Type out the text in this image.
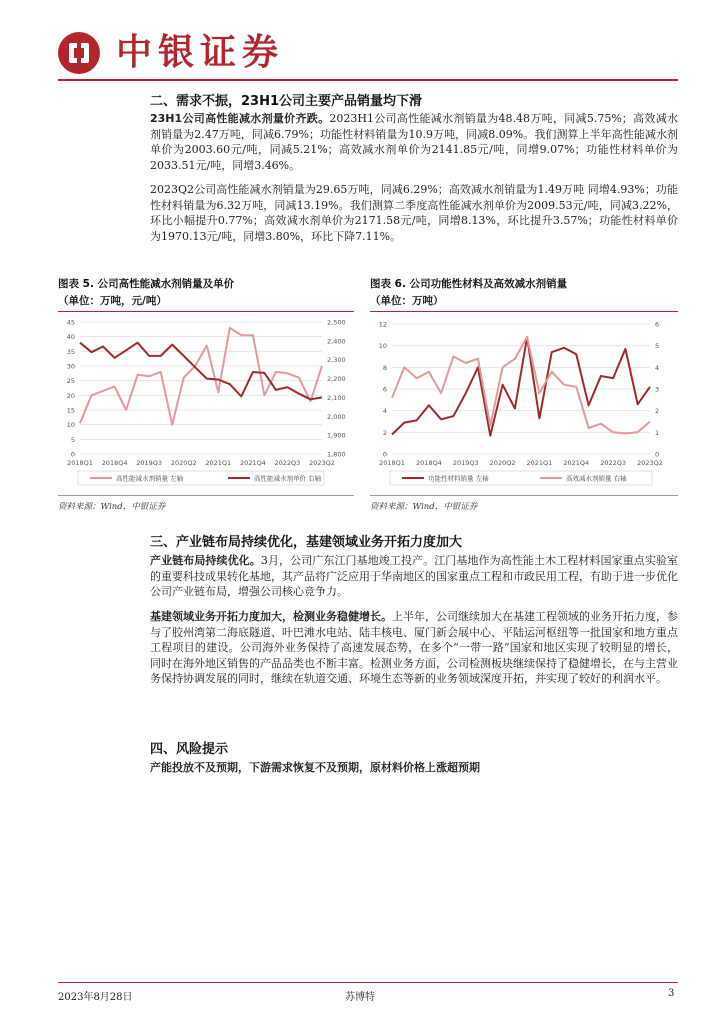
中银证券
二、需求不振，23H1公司主要产品销量均下滑
23H1公司高性能减水剂量价齐跌。2023H1公司高性能减水剂销量为48.48万吨，同减5.75%；高效减水剂销量为2.47万吨，同减6.79%；功能性材料销量为10.9万吨，同减8.09%。我们测算上半年高性能减水剂单价为2003.60元/吨，同减5.21%；高效减水剂单价为2141.85元/吨，同增9.07%；功能性材料单价为2033.51元/吨，同增3.46%。
2023Q2公司高性能减水剂销量为29.65万吨，同减6.29%；高效减水剂销量为1.49万吨 同增4.93%；功能性材料销量为6.32万吨，同减13.19%。我们测算二季度高性能减水剂单价为2009.53元/吨，同减3.22%，环比小幅提升0.77%；高效减水剂单价为2171.58元/吨，同增8.13%，环比提升3.57%；功能性材料单价为1970.13元/吨，同增3.80%，环比下降7.11%。
图表 5. 公司高性能减水剂销量及单价
（单位：万吨，元/吨）
0
5
10
15
20
25
30
35
40
45
1,800
1,900
2,000
2,100
2,200
2,300
2,400
2,500
2018Q1 2018Q4 2019Q3 2020Q2 2021Q1 2021Q4 2022Q3 2023Q2
高性能减水剂销量 左轴	高性能减水剂单价 右轴
资料来源：Wind，中银证券
图表 6. 公司功能性材料及高效减水剂销量
（单位：万吨）
0
2
4
6
8
10
12
0
1
2
3
4
5
6
2018Q1 2018Q4 2019Q3 2020Q2 2021Q1 2021Q4 2022Q3 2023Q2
功能性材料销量 左轴	高效减水剂销量 右轴
资料来源：Wind，中银证券
三、产业链布局持续优化，基建领域业务开拓力度加大
产业链布局持续优化。3月，公司广东江门基地竣工投产。江门基地作为高性能土木工程材料国家重点实验室的重要科技成果转化基地，其产品将广泛应用于华南地区的国家重点工程和市政民用工程，有助于进一步优化公司产业链布局，增强公司核心竞争力。
基建领域业务开拓力度加大，检测业务稳健增长。上半年，公司继续加大在基建工程领域的业务开拓力度，参与了胶州湾第二海底隧道、叶巴滩水电站、陆丰核电、厦门新会展中心、平陆运河枢纽等一批国家和地方重点工程项目的建设。公司海外业务保持了高速发展态势，在多个“一带一路”国家和地区实现了较明显的增长，同时在海外地区销售的产品品类也不断丰富。检测业务方面，公司检测板块继续保持了稳健增长，在与主营业务保持协调发展的同时，继续在轨道交通、环境生态等新的业务领域深度开拓，并实现了较好的利润水平。
四、风险提示
产能投放不及预期，下游需求恢复不及预期，原材料价格上涨超预期
2023年8月28日	苏博特	3
